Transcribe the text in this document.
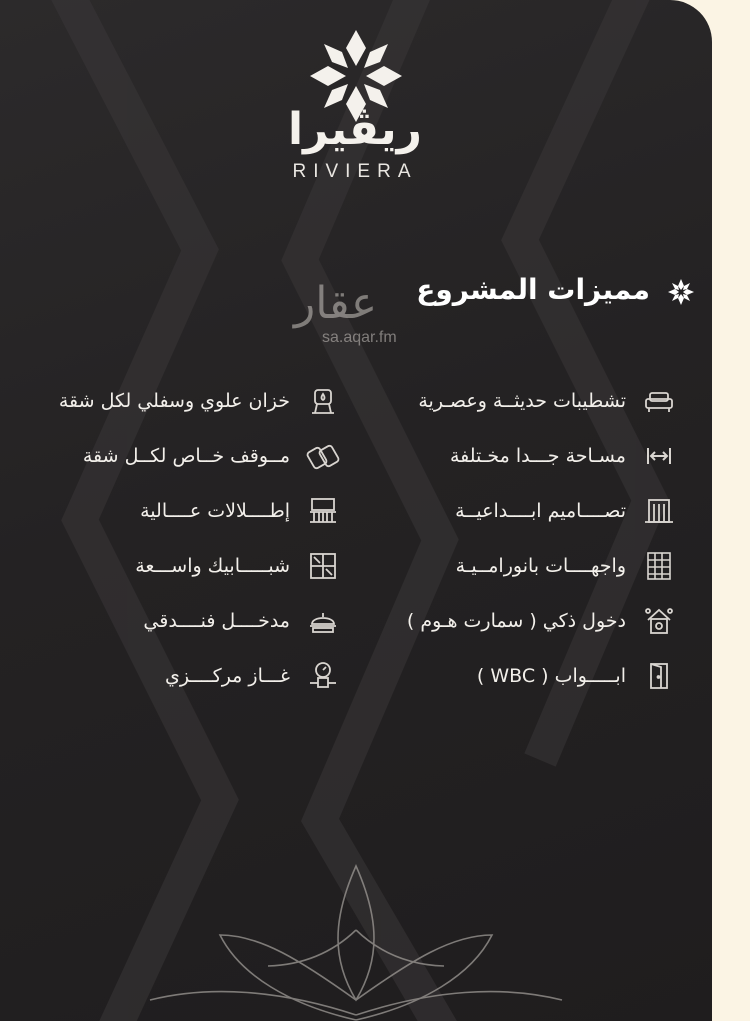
ريڤيرا
RIVIERA
مميزات المشروع
عقار
sa.aqar.fm
تشطيبات حديثــة وعصـرية
مسـاحة جـــدا مخـتلفة
تصــــاميم ابــــداعيــة
واجهــــات بانورامــيـة
دخول ذكي ( سمارت هـوم )
ابـــــواب ( WBC )
خزان علوي وسفلي لكل شقة
مــوقف خــاص لكــل شقة
إطــــلالات عــــالية
شبـــــابيك واســـعة
مدخــــل فنــــدقي
غـــاز مركــــزي
